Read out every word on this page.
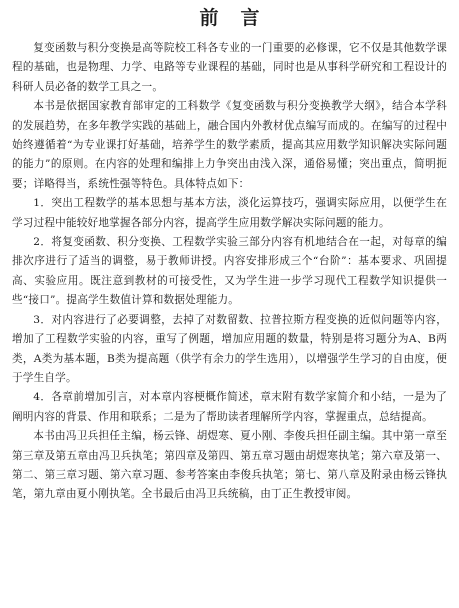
前言

复变函数与积分变换是高等院校工科各专业的一门重要的必修课，它不仅是其他数学课程的基础，也是物理、力学、电路等专业课程的基础，同时也是从事科学研究和工程设计的科研人员必备的数学工具之一。

本书是依据国家教育部审定的工科数学《复变函数与积分变换教学大纲》，结合本学科的发展趋势，在多年教学实践的基础上，融合国内外教材优点编写而成的。在编写的过程中始终遵循着“为专业课打好基础，培养学生的数学素质，提高其应用数学知识解决实际问题的能力”的原则。在内容的处理和编排上力争突出由浅入深，通俗易懂；突出重点，简明扼要；详略得当，系统性强等特色。具体特点如下：

1．突出工程数学的基本思想与基本方法，淡化运算技巧，强调实际应用，以便学生在学习过程中能较好地掌握各部分内容，提高学生应用数学解决实际问题的能力。

2．将复变函数、积分变换、工程数学实验三部分内容有机地结合在一起，对每章的编排次序进行了适当的调整，易于教师讲授。内容安排形成三个“台阶”：基本要求、巩固提高、实验应用。既注意到教材的可接受性，又为学生进一步学习现代工程数学知识提供一些“接口”。提高学生数值计算和数据处理能力。

3．对内容进行了必要调整，去掉了对数留数、拉普拉斯方程变换的近似问题等内容，增加了工程数学实验的内容，重写了例题，增加应用题的数量，特别是将习题分为A、B两类，A类为基本题，B类为提高题（供学有余力的学生选用），以增强学生学习的自由度，便于学生自学。

4．各章前增加引言，对本章内容梗概作简述，章末附有数学家简介和小结，一是为了阐明内容的背景、作用和联系；二是为了帮助读者理解所学内容，掌握重点，总结提高。

本书由冯卫兵担任主编，杨云锋、胡煜寒、夏小刚、李俊兵担任副主编。其中第一章至第三章及第五章由冯卫兵执笔；第四章及第四、第五章习题由胡煜寒执笔；第六章及第一、第二、第三章习题、第六章习题、参考答案由李俊兵执笔；第七、第八章及附录由杨云锋执笔，第九章由夏小刚执笔。全书最后由冯卫兵统稿，由丁正生教授审阅。
